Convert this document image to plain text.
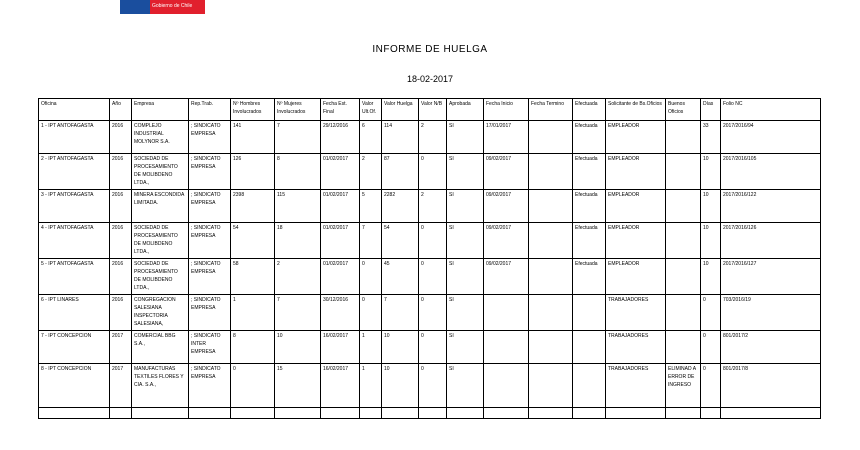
Gobierno de Chile
INFORME DE HUELGA
18-02-2017
Oficina	Año	Empresa	Rep.Trab.	Nº Hombres Involucrados	Nº Mujeres Involucrados	Fecha Est. Final	Valor Ult.Of.	Valor Huelga	Valor N/B	Aprobada	Fecha Inicio	Fecha Termino	Efectuada	Solicitante de Bs.Oficios	Buenos Oficios	Días	Folio NC
1 - IPT ANTOFAGASTA	2016	COMPLEJO INDUSTRIAL MOLYNOR S.A.	; SINDICATO EMPRESA	141	7	29/12/2016	6	114	2	SI	17/01/2017		Efectuada	EMPLEADOR		33	2017/2016/94
2 - IPT ANTOFAGASTA	2016	SOCIEDAD DE PROCESAMIENTO DE MOLIBDENO LTDA.,	; SINDICATO EMPRESA	126	8	01/02/2017	2	87	0	SI	09/02/2017		Efectuada	EMPLEADOR		10	2017/2016/105
3 - IPT ANTOFAGASTA	2016	MINERA ESCONDIDA LIMITADA.	; SINDICATO EMPRESA	2398	115	01/02/2017	5	2282	2	SI	09/02/2017		Efectuada	EMPLEADOR		10	2017/2016/122
4 - IPT ANTOFAGASTA	2016	SOCIEDAD DE PROCESAMIENTO DE MOLIBDENO LTDA.,	; SINDICATO EMPRESA	54	18	01/02/2017	7	54	0	SI	09/02/2017		Efectuada	EMPLEADOR		10	2017/2016/126
5 - IPT ANTOFAGASTA	2016	SOCIEDAD DE PROCESAMIENTO DE MOLIBDENO LTDA.,	; SINDICATO EMPRESA	58	2	01/02/2017	0	45	0	SI	09/02/2017		Efectuada	EMPLEADOR		10	2017/2016/127
6 - IPT LINARES	2016	CONGREGACION SALESIANA INSPECTORIA SALESIANA,	; SINDICATO EMPRESA	1	7	30/12/2016	0	7	0	SI				TRABAJADORES		0	703/2016/19
7 - IPT CONCEPCION	2017	COMERCIAL BBG S.A.,	; SINDICATO INTER EMPRESA	8	10	16/02/2017	1	10	0	SI				TRABAJADORES		0	801/2017/2
8 - IPT CONCEPCION	2017	MANUFACTURAS TEXTILES FLORES Y CIA. S.A.,	; SINDICATO EMPRESA	0	15	16/02/2017	1	10	0	SI				TRABAJADORES	ELIMINAD A ERROR DE INGRESO	0	801/2017/8
